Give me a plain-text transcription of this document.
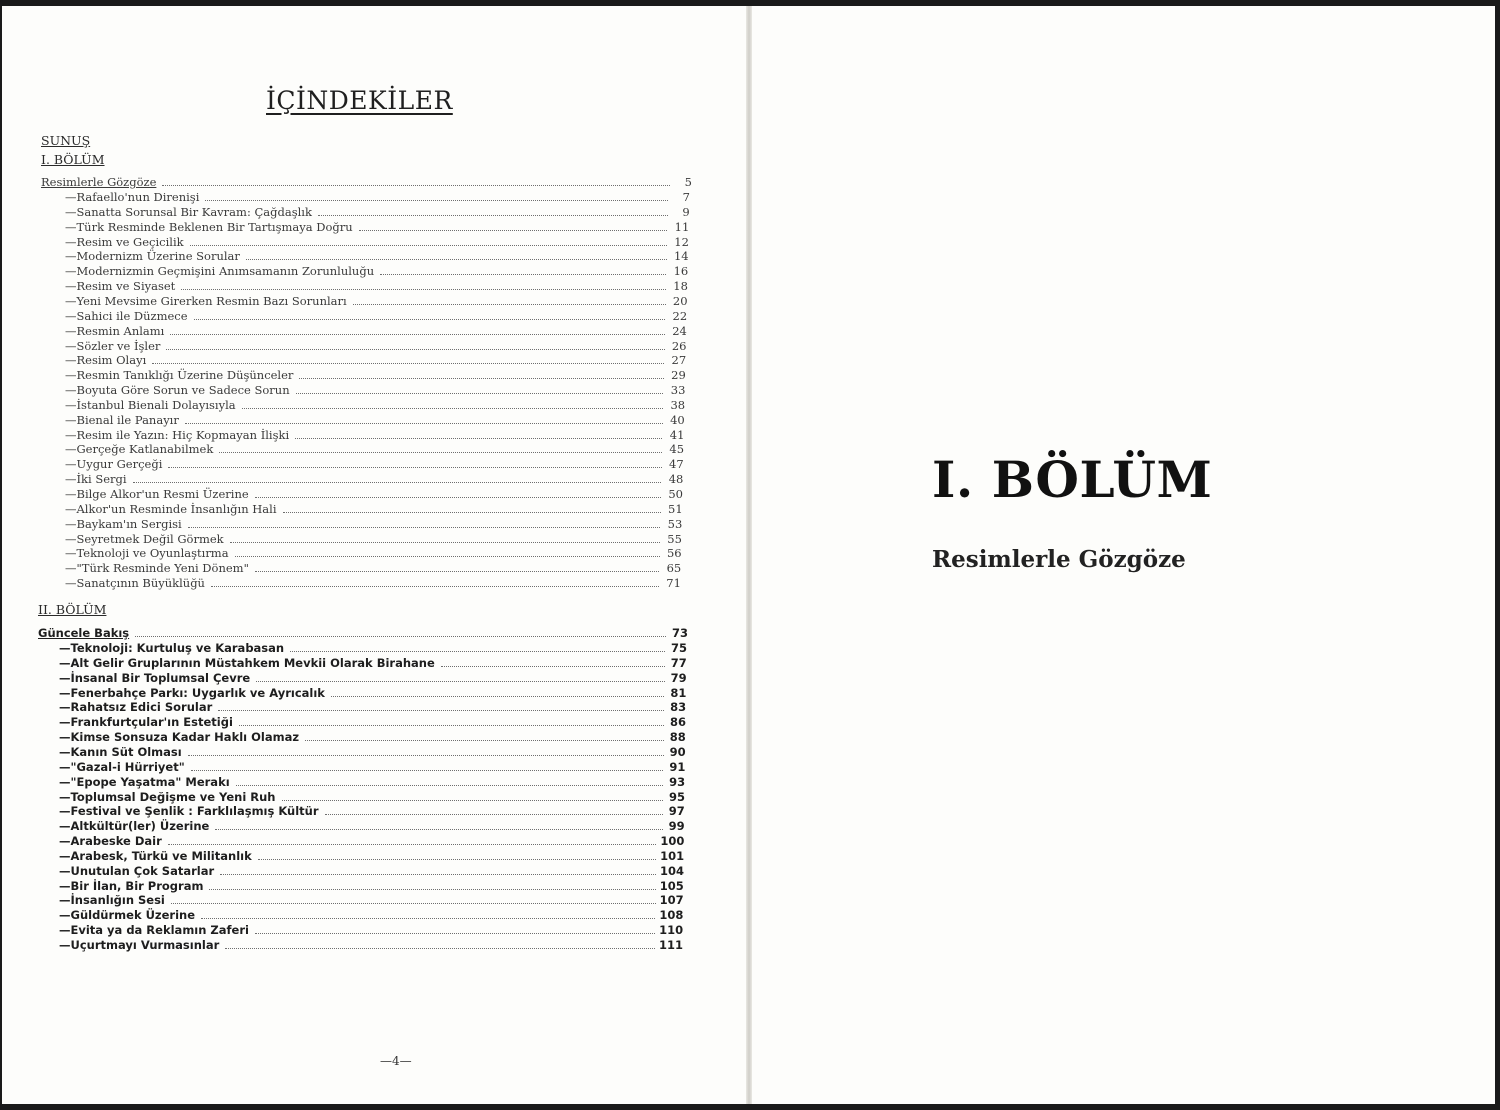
İÇİNDEKİLER
SUNUŞ
I. BÖLÜM
Resimlerle Gözgöze	5
—Rafaello'nun Direnişi	7
—Sanatta Sorunsal Bir Kavram: Çağdaşlık	9
—Türk Resminde Beklenen Bir Tartışmaya Doğru	11
—Resim ve Geçicilik	12
—Modernizm Üzerine Sorular	14
—Modernizmin Geçmişini Anımsamanın Zorunluluğu	16
—Resim ve Siyaset	18
—Yeni Mevsime Girerken Resmin Bazı Sorunları	20
—Sahici ile Düzmece	22
—Resmin Anlamı	24
—Sözler ve İşler	26
—Resim Olayı	27
—Resmin Tanıklığı Üzerine Düşünceler	29
—Boyuta Göre Sorun ve Sadece Sorun	33
—İstanbul Bienali Dolayısıyla	38
—Bienal ile Panayır	40
—Resim ile Yazın: Hiç Kopmayan İlişki	41
—Gerçeğe Katlanabilmek	45
—Uygur Gerçeği	47
—İki Sergi	48
—Bilge Alkor'un Resmi Üzerine	50
—Alkor'un Resminde İnsanlığın Hali	51
—Baykam'ın Sergisi	53
—Seyretmek Değil Görmek	55
—Teknoloji ve Oyunlaştırma	56
—"Türk Resminde Yeni Dönem"	65
—Sanatçının Büyüklüğü	71
II. BÖLÜM
Güncele Bakış	73
—Teknoloji: Kurtuluş ve Karabasan	75
—Alt Gelir Gruplarının Müstahkem Mevkii Olarak Birahane	77
—İnsanal Bir Toplumsal Çevre	79
—Fenerbahçe Parkı: Uygarlık ve Ayrıcalık	81
—Rahatsız Edici Sorular	83
—Frankfurtçular'ın Estetiği	86
—Kimse Sonsuza Kadar Haklı Olamaz	88
—Kanın Süt Olması	90
—"Gazal-i Hürriyet"	91
—"Epope Yaşatma" Merakı	93
—Toplumsal Değişme ve Yeni Ruh	95
—Festival ve Şenlik : Farklılaşmış Kültür	97
—Altkültür(ler) Üzerine	99
—Arabeske Dair	100
—Arabesk, Türkü ve Militanlık	101
—Unutulan Çok Satarlar	104
—Bir İlan, Bir Program	105
—İnsanlığın Sesi	107
—Güldürmek Üzerine	108
—Evita ya da Reklamın Zaferi	110
—Uçurtmayı Vurmasınlar	111
—4—
I. BÖLÜM
Resimlerle Gözgöze
